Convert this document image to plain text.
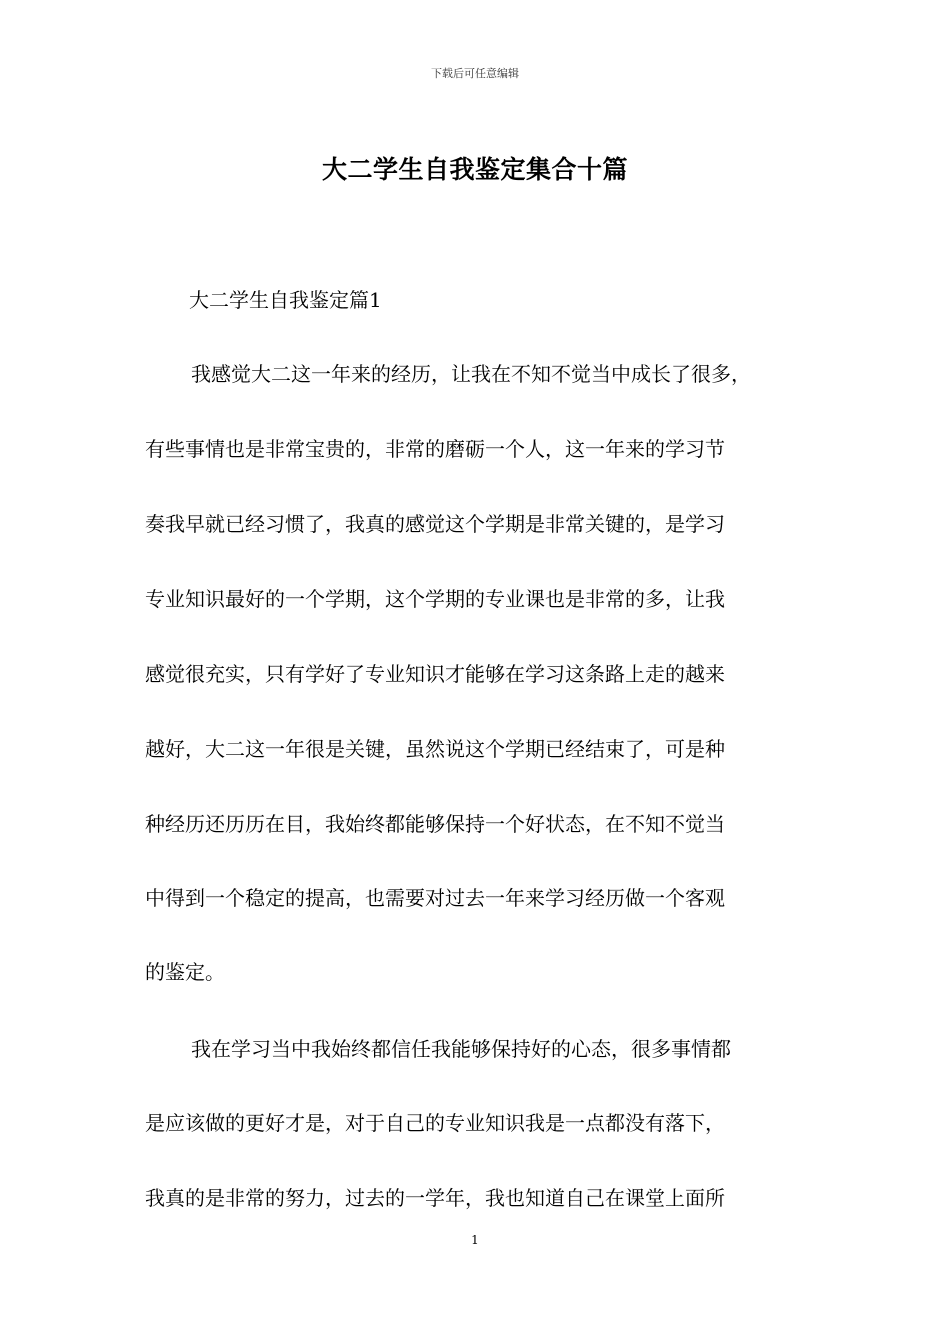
下载后可任意编辑
大二学生自我鉴定集合十篇
大二学生自我鉴定篇1
我感觉大二这一年来的经历，让我在不知不觉当中成长了很多，
有些事情也是非常宝贵的，非常的磨砺一个人，这一年来的学习节
奏我早就已经习惯了，我真的感觉这个学期是非常关键的，是学习
专业知识最好的一个学期，这个学期的专业课也是非常的多，让我
感觉很充实，只有学好了专业知识才能够在学习这条路上走的越来
越好，大二这一年很是关键，虽然说这个学期已经结束了，可是种
种经历还历历在目，我始终都能够保持一个好状态，在不知不觉当
中得到一个稳定的提高，也需要对过去一年来学习经历做一个客观
的鉴定。
我在学习当中我始终都信任我能够保持好的心态，很多事情都
是应该做的更好才是，对于自己的专业知识我是一点都没有落下，
我真的是非常的努力，过去的一学年，我也知道自己在课堂上面所
1
